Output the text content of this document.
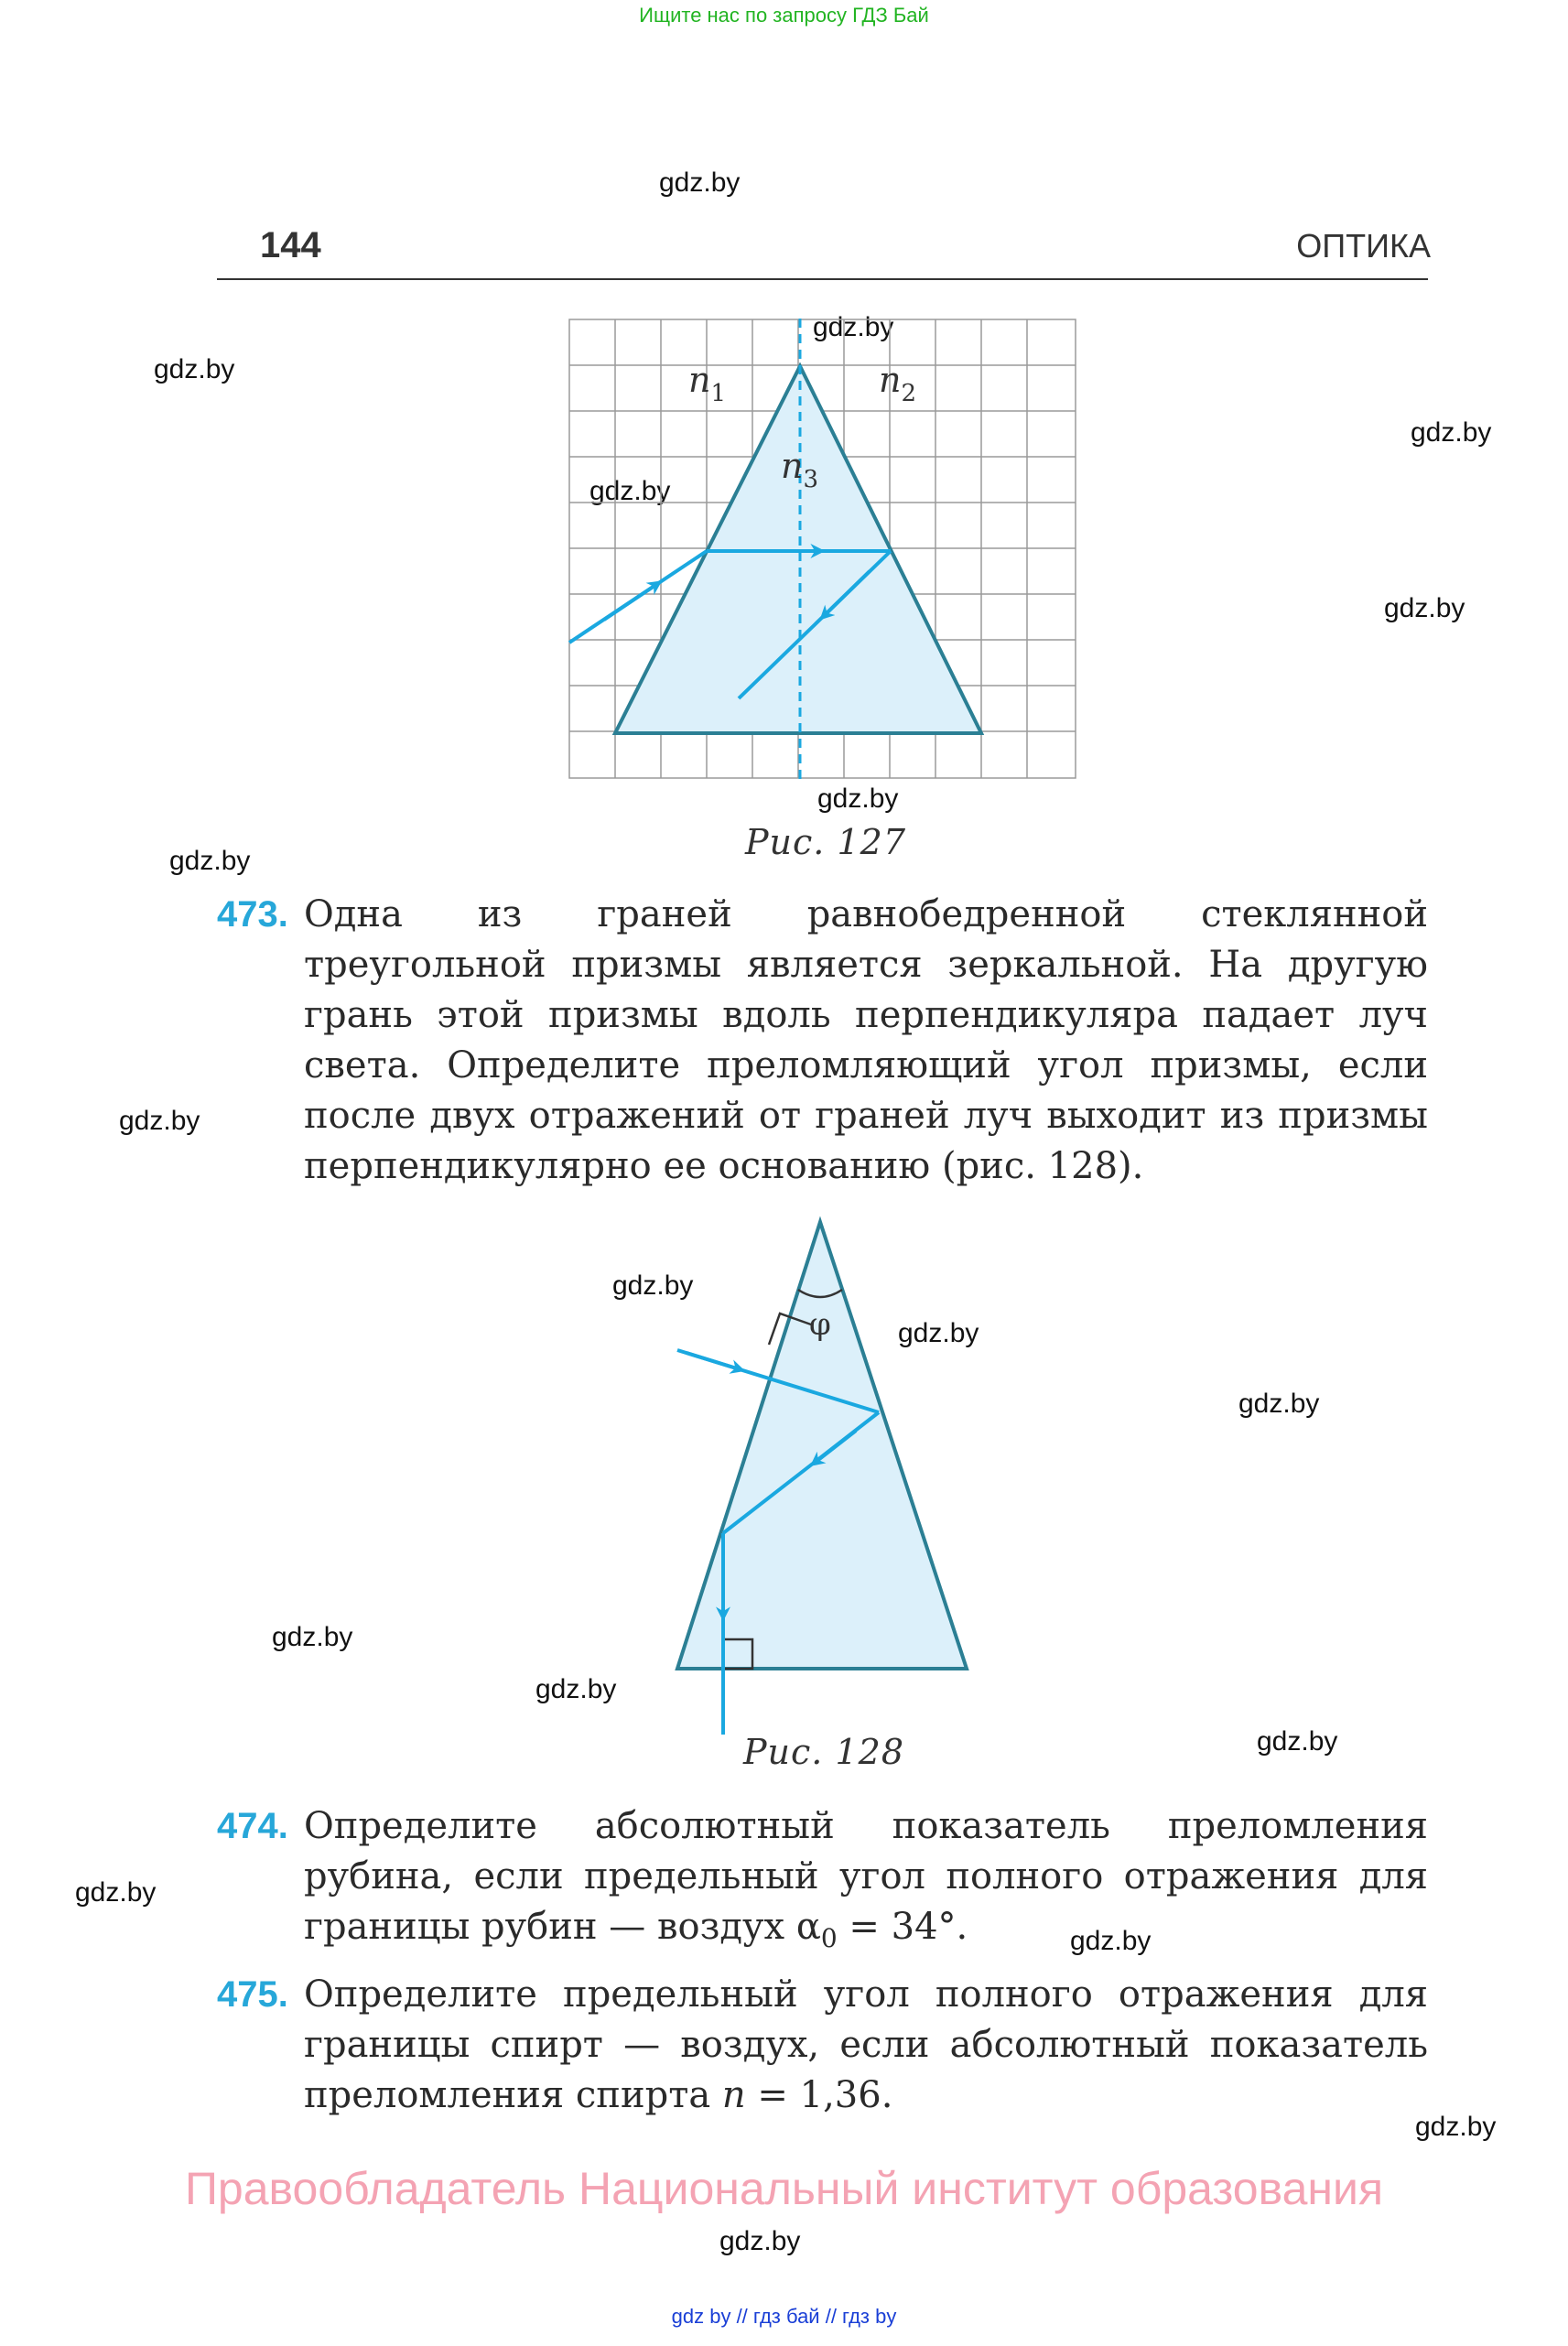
Ищите нас по запросу ГДЗ Бай
gdz.by
gdz.by
gdz.by
gdz.by
gdz.by
gdz.by
gdz.by
gdz.by
gdz.by
gdz.by
gdz.by
gdz.by
gdz.by
gdz.by
gdz.by
gdz.by
gdz.by
gdz.by
gdz.by
144	ОПТИКА
$n_1$	$n_2$
$n_3$
Рис. 127
473. Одна из граней равнобедренной стеклянной треугольной призмы является зеркальной. На другую грань этой призмы вдоль перпендикуляра падает луч света. Определите преломляющий угол призмы, если после двух отражений от граней луч выходит из призмы перпендикулярно ее основанию (рис. 128).
φ
Рис. 128
474. Определите абсолютный показатель преломления рубина, если предельный угол полного отражения для границы рубин — воздух $\alpha_0 = 34^\circ$.
475. Определите предельный угол полного отражения для границы спирт — воздух, если абсолютный показатель преломления спирта n = 1,36.
Правообладатель Национальный институт образования
gdz by // гдз бай // гдз by
